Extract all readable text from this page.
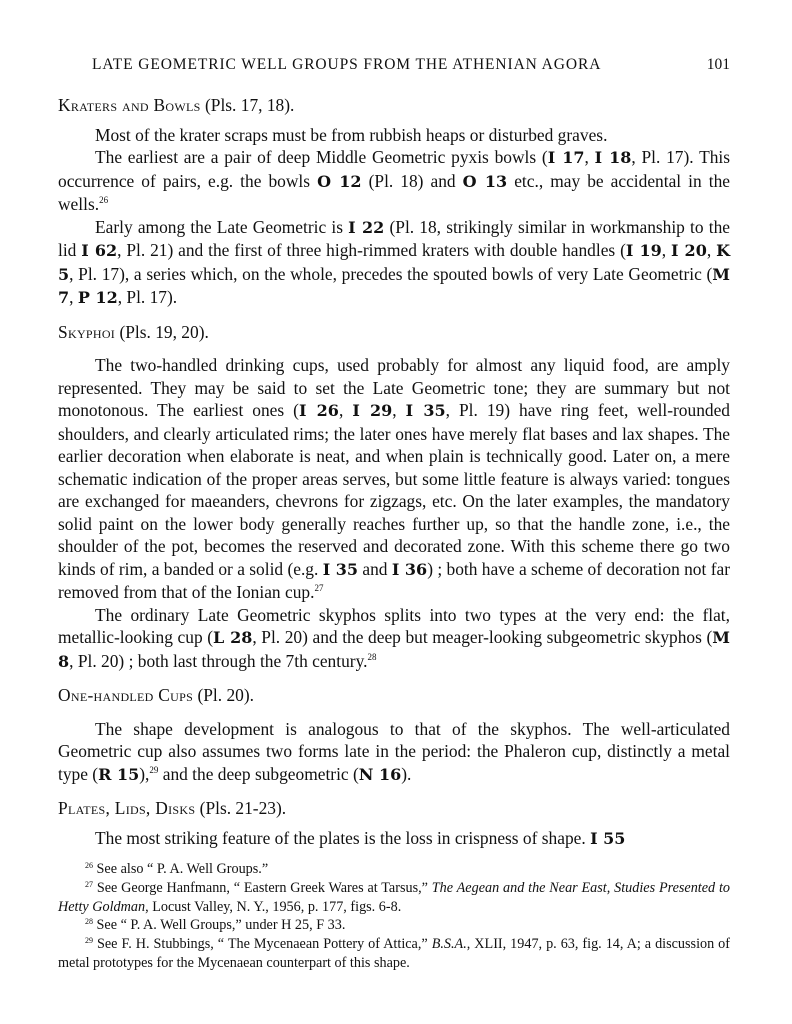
LATE GEOMETRIC WELL GROUPS FROM THE ATHENIAN AGORA	101
Kraters and Bowls (Pls. 17, 18).

Most of the krater scraps must be from rubbish heaps or disturbed graves.

The earliest are a pair of deep Middle Geometric pyxis bowls (I 17, I 18, Pl. 17). This occurrence of pairs, e.g. the bowls O 12 (Pl. 18) and O 13 etc., may be accidental in the wells.$^{26}$

Early among the Late Geometric is I 22 (Pl. 18, strikingly similar in workmanship to the lid I 62, Pl. 21) and the first of three high-rimmed kraters with double handles (I 19, I 20, K 5, Pl. 17), a series which, on the whole, precedes the spouted bowls of very Late Geometric (M 7, P 12, Pl. 17).

Skyphoi (Pls. 19, 20).

The two-handled drinking cups, used probably for almost any liquid food, are amply represented. They may be said to set the Late Geometric tone; they are summary but not monotonous. The earliest ones (I 26, I 29, I 35, Pl. 19) have ring feet, well-rounded shoulders, and clearly articulated rims; the later ones have merely flat bases and lax shapes. The earlier decoration when elaborate is neat, and when plain is technically good. Later on, a mere schematic indication of the proper areas serves, but some little feature is always varied: tongues are exchanged for maeanders, chevrons for zigzags, etc. On the later examples, the mandatory solid paint on the lower body generally reaches further up, so that the handle zone, i.e., the shoulder of the pot, becomes the reserved and decorated zone. With this scheme there go two kinds of rim, a banded or a solid (e.g. I 35 and I 36) ; both have a scheme of decoration not far removed from that of the Ionian cup.$^{27}$

The ordinary Late Geometric skyphos splits into two types at the very end: the flat, metallic-looking cup (L 28, Pl. 20) and the deep but meager-looking subgeometric skyphos (M 8, Pl. 20) ; both last through the 7th century.$^{28}$

One-handled Cups (Pl. 20).

The shape development is analogous to that of the skyphos. The well-articulated Geometric cup also assumes two forms late in the period: the Phaleron cup, distinctly a metal type (R 15),$^{29}$ and the deep subgeometric (N 16).

Plates, Lids, Disks (Pls. 21-23).

The most striking feature of the plates is the loss in crispness of shape. I 55

$^{26}$ See also “ P. A. Well Groups.”

$^{27}$ See George Hanfmann, “ Eastern Greek Wares at Tarsus,” The Aegean and the Near East, Studies Presented to Hetty Goldman, Locust Valley, N. Y., 1956, p. 177, figs. 6-8.

$^{28}$ See “ P. A. Well Groups,” under H 25, F 33.

$^{29}$ See F. H. Stubbings, “ The Mycenaean Pottery of Attica,” B.S.A., XLII, 1947, p. 63, fig. 14, A; a discussion of metal prototypes for the Mycenaean counterpart of this shape.
